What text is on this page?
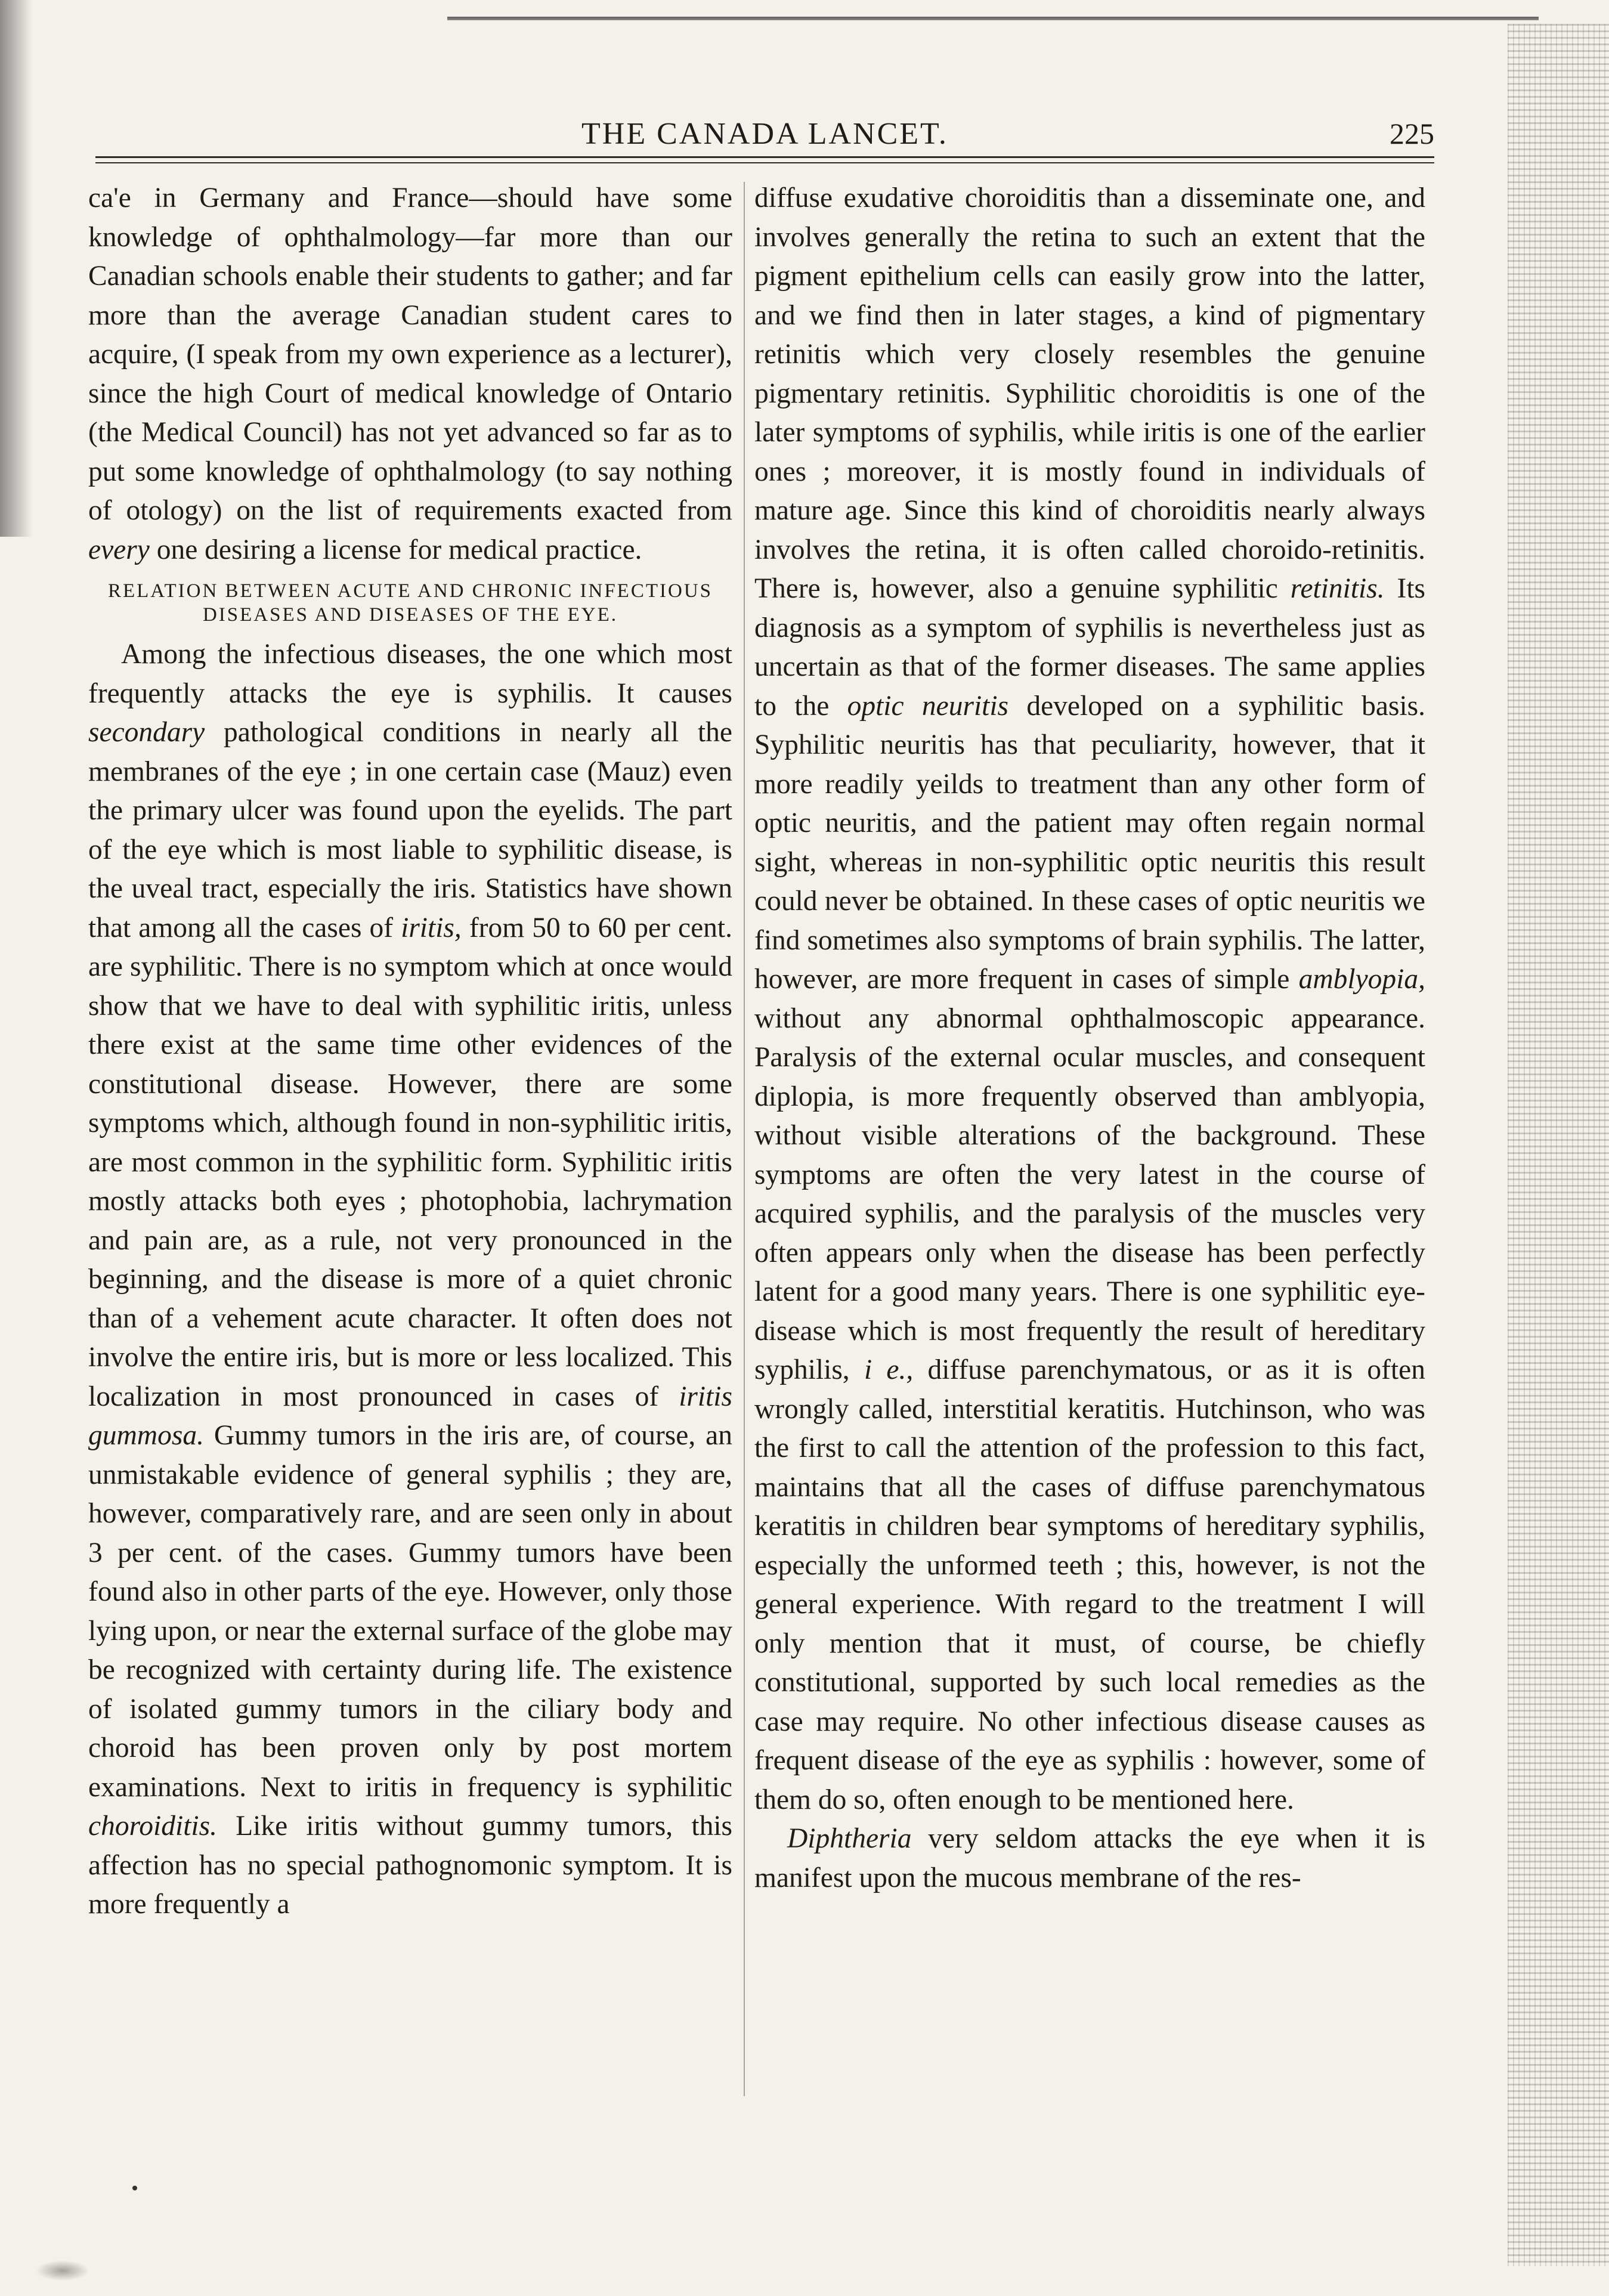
THE CANADA LANCET.	225

ca'e in Germany and France—should have some knowledge of ophthalmology—far more than our Canadian schools enable their students to gather; and far more than the average Canadian student cares to acquire, (I speak from my own experience as a lecturer), since the high Court of medical knowledge of Ontario (the Medical Council) has not yet advanced so far as to put some knowledge of ophthalmology (to say nothing of otology) on the list of requirements exacted from every one desiring a license for medical practice.

RELATION BETWEEN ACUTE AND CHRONIC INFECTIOUS DISEASES AND DISEASES OF THE EYE.

Among the infectious diseases, the one which most frequently attacks the eye is syphilis. It causes secondary pathological conditions in nearly all the membranes of the eye ; in one certain case (Mauz) even the primary ulcer was found upon the eyelids. The part of the eye which is most liable to syphilitic disease, is the uveal tract, especially the iris. Statistics have shown that among all the cases of iritis, from 50 to 60 per cent. are syphilitic. There is no symptom which at once would show that we have to deal with syphilitic iritis, unless there exist at the same time other evidences of the constitutional disease. However, there are some symptoms which, although found in non-syphilitic iritis, are most common in the syphilitic form. Syphilitic iritis mostly attacks both eyes ; photophobia, lachrymation and pain are, as a rule, not very pronounced in the beginning, and the disease is more of a quiet chronic than of a vehement acute character. It often does not involve the entire iris, but is more or less localized. This localization in most pronounced in cases of iritis gummosa. Gummy tumors in the iris are, of course, an unmistakable evidence of general syphilis ; they are, however, comparatively rare, and are seen only in about 3 per cent. of the cases. Gummy tumors have been found also in other parts of the eye. However, only those lying upon, or near the external surface of the globe may be recognized with certainty during life. The existence of isolated gummy tumors in the ciliary body and choroid has been proven only by post mortem examinations. Next to iritis in frequency is syphilitic choroiditis. Like iritis without gummy tumors, this affection has no special pathognomonic symptom. It is more frequently a

diffuse exudative choroiditis than a disseminate one, and involves generally the retina to such an extent that the pigment epithelium cells can easily grow into the latter, and we find then in later stages, a kind of pigmentary retinitis which very closely resembles the genuine pigmentary retinitis. Syphilitic choroiditis is one of the later symptoms of syphilis, while iritis is one of the earlier ones ; moreover, it is mostly found in individuals of mature age. Since this kind of choroiditis nearly always involves the retina, it is often called choroido-retinitis. There is, however, also a genuine syphilitic retinitis. Its diagnosis as a symptom of syphilis is nevertheless just as uncertain as that of the former diseases. The same applies to the optic neuritis developed on a syphilitic basis. Syphilitic neuritis has that peculiarity, however, that it more readily yeilds to treatment than any other form of optic neuritis, and the patient may often regain normal sight, whereas in non-syphilitic optic neuritis this result could never be obtained. In these cases of optic neuritis we find sometimes also symptoms of brain syphilis. The latter, however, are more frequent in cases of simple amblyopia, without any abnormal ophthalmoscopic appearance. Paralysis of the external ocular muscles, and consequent diplopia, is more frequently observed than amblyopia, without visible alterations of the background. These symptoms are often the very latest in the course of acquired syphilis, and the paralysis of the muscles very often appears only when the disease has been perfectly latent for a good many years. There is one syphilitic eye-disease which is most frequently the result of hereditary syphilis, i e., diffuse parenchymatous, or as it is often wrongly called, interstitial keratitis. Hutchinson, who was the first to call the attention of the profession to this fact, maintains that all the cases of diffuse parenchymatous keratitis in children bear symptoms of hereditary syphilis, especially the unformed teeth ; this, however, is not the general experience. With regard to the treatment I will only mention that it must, of course, be chiefly constitutional, supported by such local remedies as the case may require. No other infectious disease causes as frequent disease of the eye as syphilis : however, some of them do so, often enough to be mentioned here.

Diphtheria very seldom attacks the eye when it is manifest upon the mucous membrane of the res-
